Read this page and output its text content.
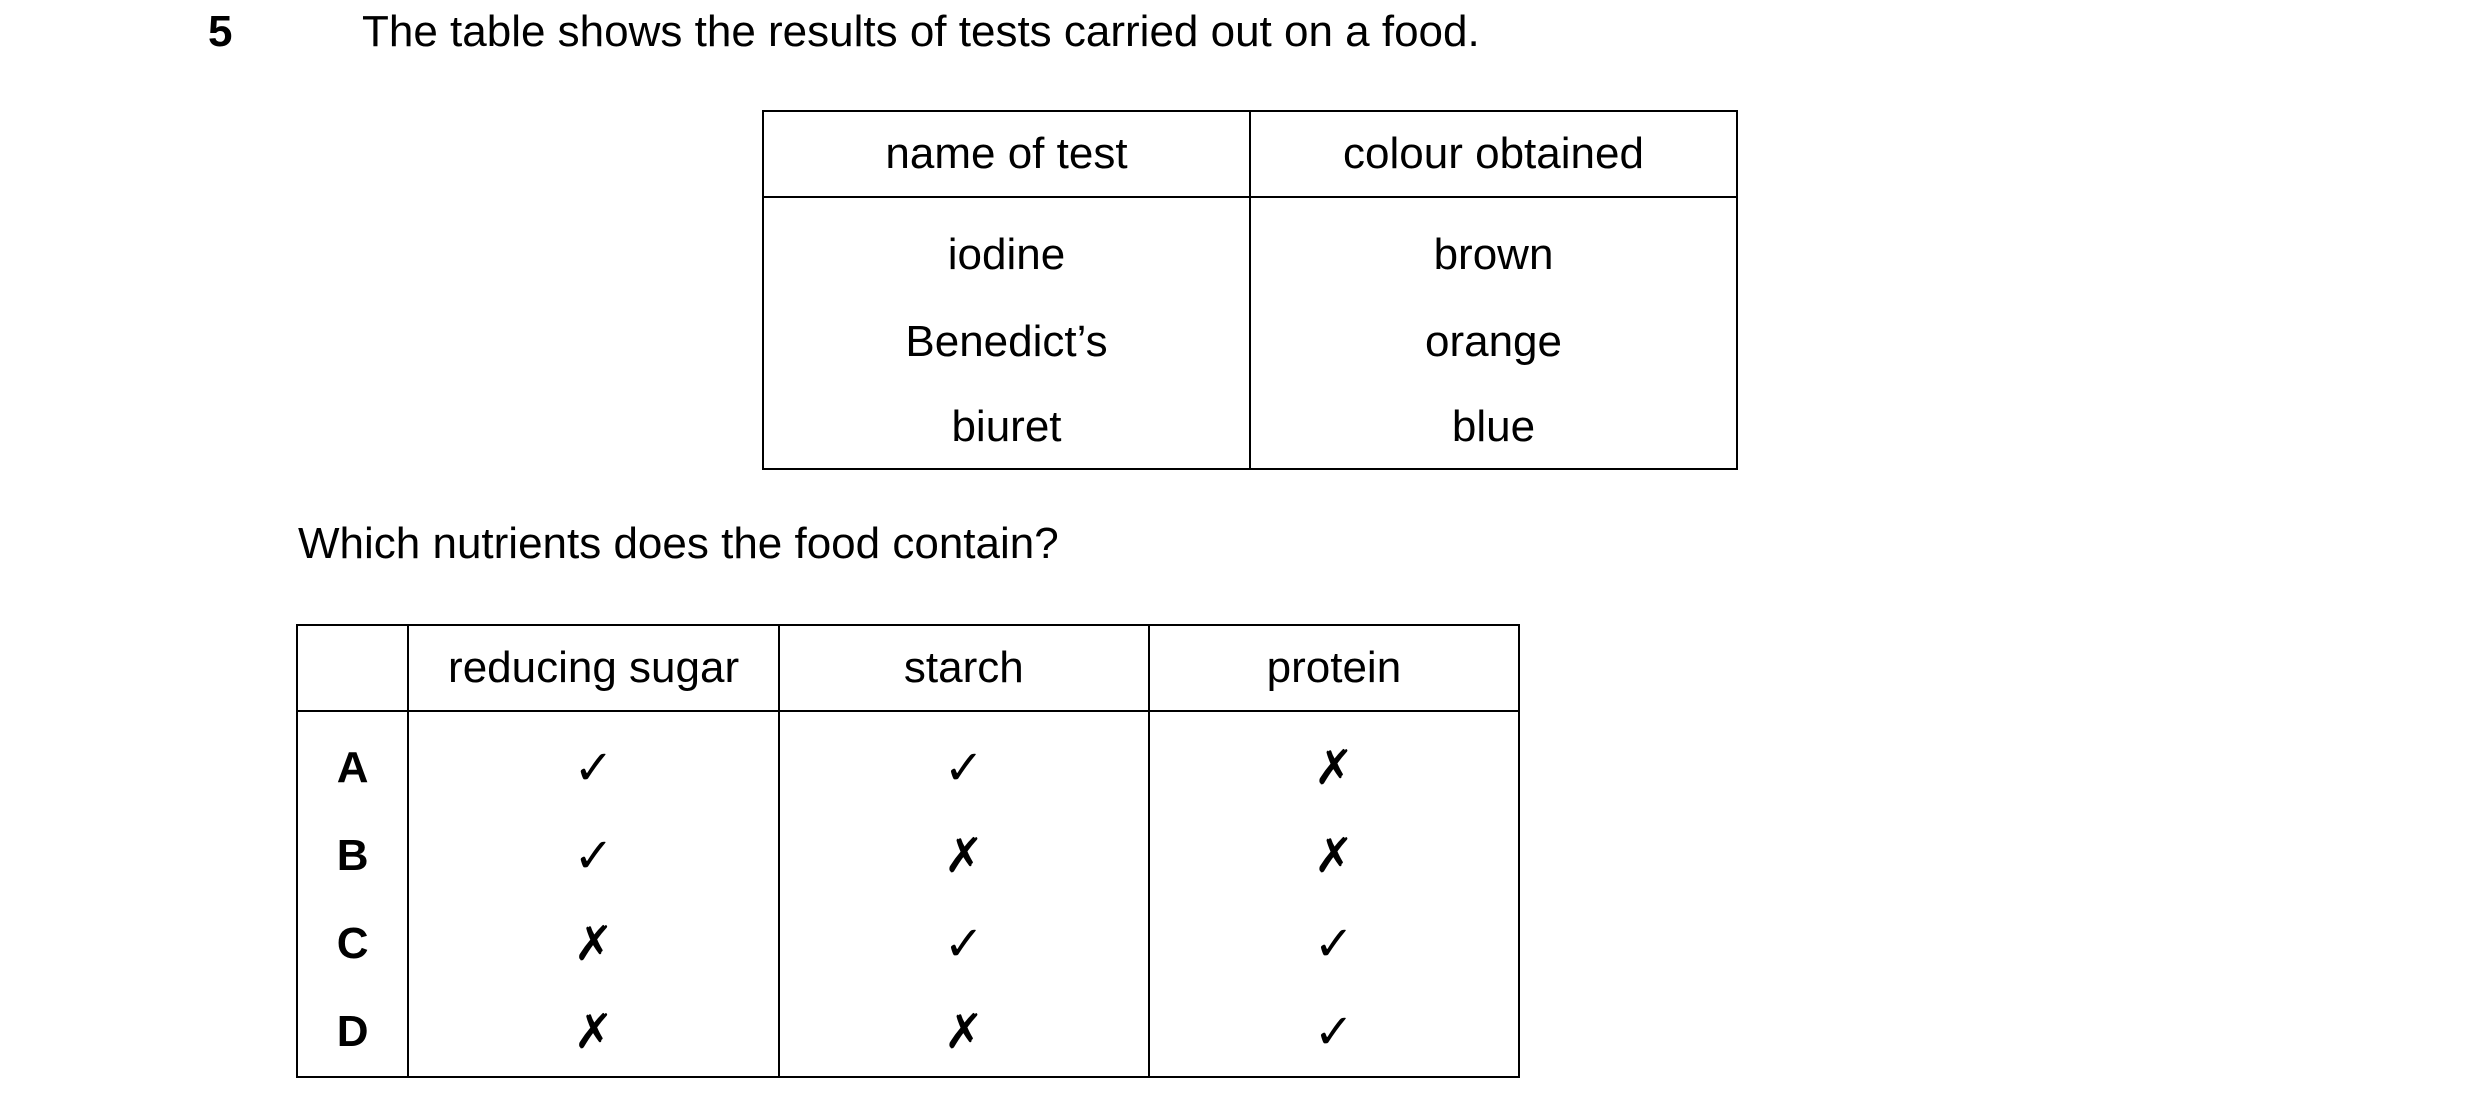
5	The table shows the results of tests carried out on a food.
name of test	colour obtained
iodine	brown
Benedict’s	orange
biuret	blue
Which nutrients does the food contain?
	reducing sugar	starch	protein
A	✓	✓	✗
B	✓	✗	✗
C	✗	✓	✓
D	✗	✗	✓
